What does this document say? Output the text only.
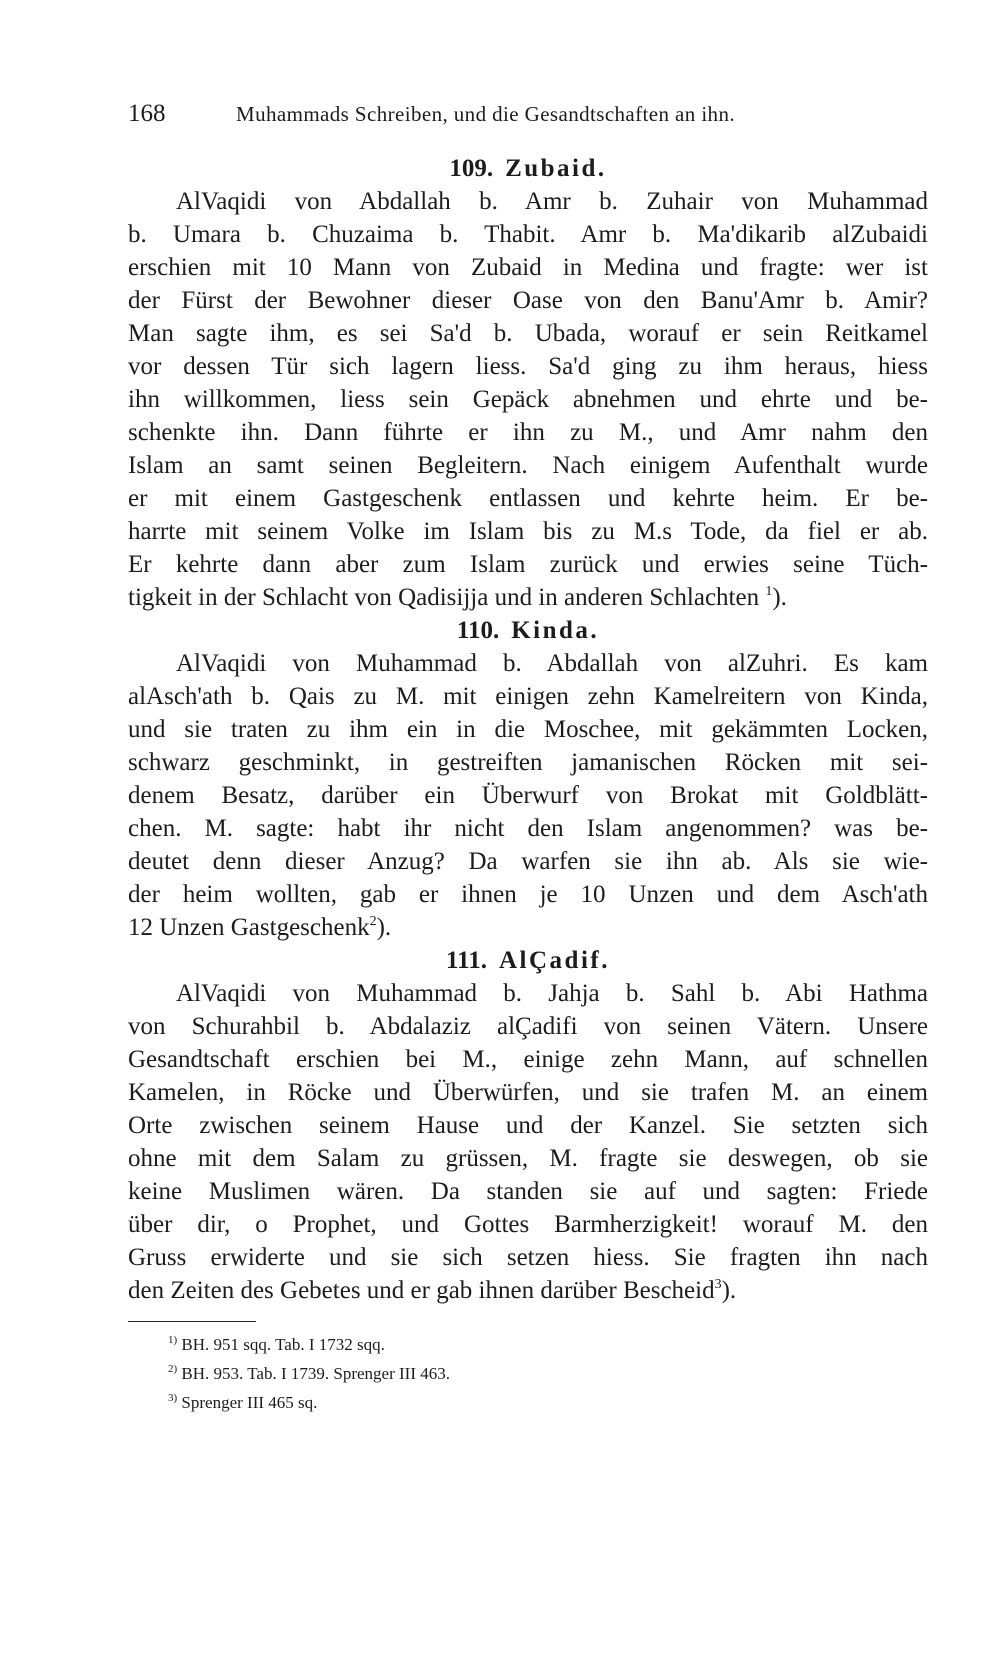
168	Muhammads Schreiben, und die Gesandtschaften an ihn.
109. Zubaid.

AlVaqidi von Abdallah b. Amr b. Zuhair von Muhammad
b. Umara b. Chuzaima b. Thabit. Amr b. Ma'dikarib alZubaidi
erschien mit 10 Mann von Zubaid in Medina und fragte: wer ist
der Fürst der Bewohner dieser Oase von den Banu'Amr b. Amir?
Man sagte ihm, es sei Sa'd b. Ubada, worauf er sein Reitkamel
vor dessen Tür sich lagern liess. Sa'd ging zu ihm heraus, hiess
ihn willkommen, liess sein Gepäck abnehmen und ehrte und be-
schenkte ihn. Dann führte er ihn zu M., und Amr nahm den
Islam an samt seinen Begleitern. Nach einigem Aufenthalt wurde
er mit einem Gastgeschenk entlassen und kehrte heim. Er be-
harrte mit seinem Volke im Islam bis zu M.s Tode, da fiel er ab.
Er kehrte dann aber zum Islam zurück und erwies seine Tüch-
tigkeit in der Schlacht von Qadisijja und in anderen Schlachten $^1$).

110. Kinda.

AlVaqidi von Muhammad b. Abdallah von alZuhri. Es kam
alAsch'ath b. Qais zu M. mit einigen zehn Kamelreitern von Kinda,
und sie traten zu ihm ein in die Moschee, mit gekämmten Locken,
schwarz geschminkt, in gestreiften jamanischen Röcken mit sei-
denem Besatz, darüber ein Überwurf von Brokat mit Goldblätt-
chen. M. sagte: habt ihr nicht den Islam angenommen? was be-
deutet denn dieser Anzug? Da warfen sie ihn ab. Als sie wie-
der heim wollten, gab er ihnen je 10 Unzen und dem Asch'ath
12 Unzen Gastgeschenk$^2$).

111. AlÇadif.

AlVaqidi von Muhammad b. Jahja b. Sahl b. Abi Hathma
von Schurahbil b. Abdalaziz alÇadifi von seinen Vätern. Unsere
Gesandtschaft erschien bei M., einige zehn Mann, auf schnellen
Kamelen, in Röcke und Überwürfen, und sie trafen M. an einem
Orte zwischen seinem Hause und der Kanzel. Sie setzten sich
ohne mit dem Salam zu grüssen, M. fragte sie deswegen, ob sie
keine Muslimen wären. Da standen sie auf und sagten: Friede
über dir, o Prophet, und Gottes Barmherzigkeit! worauf M. den
Gruss erwiderte und sie sich setzen hiess. Sie fragten ihn nach
den Zeiten des Gebetes und er gab ihnen darüber Bescheid$^3$).

$^{1)}$ BH. 951 sqq. Tab. I 1732 sqq.
$^{2)}$ BH. 953. Tab. I 1739. Sprenger III 463.
$^{3)}$ Sprenger III 465 sq.
